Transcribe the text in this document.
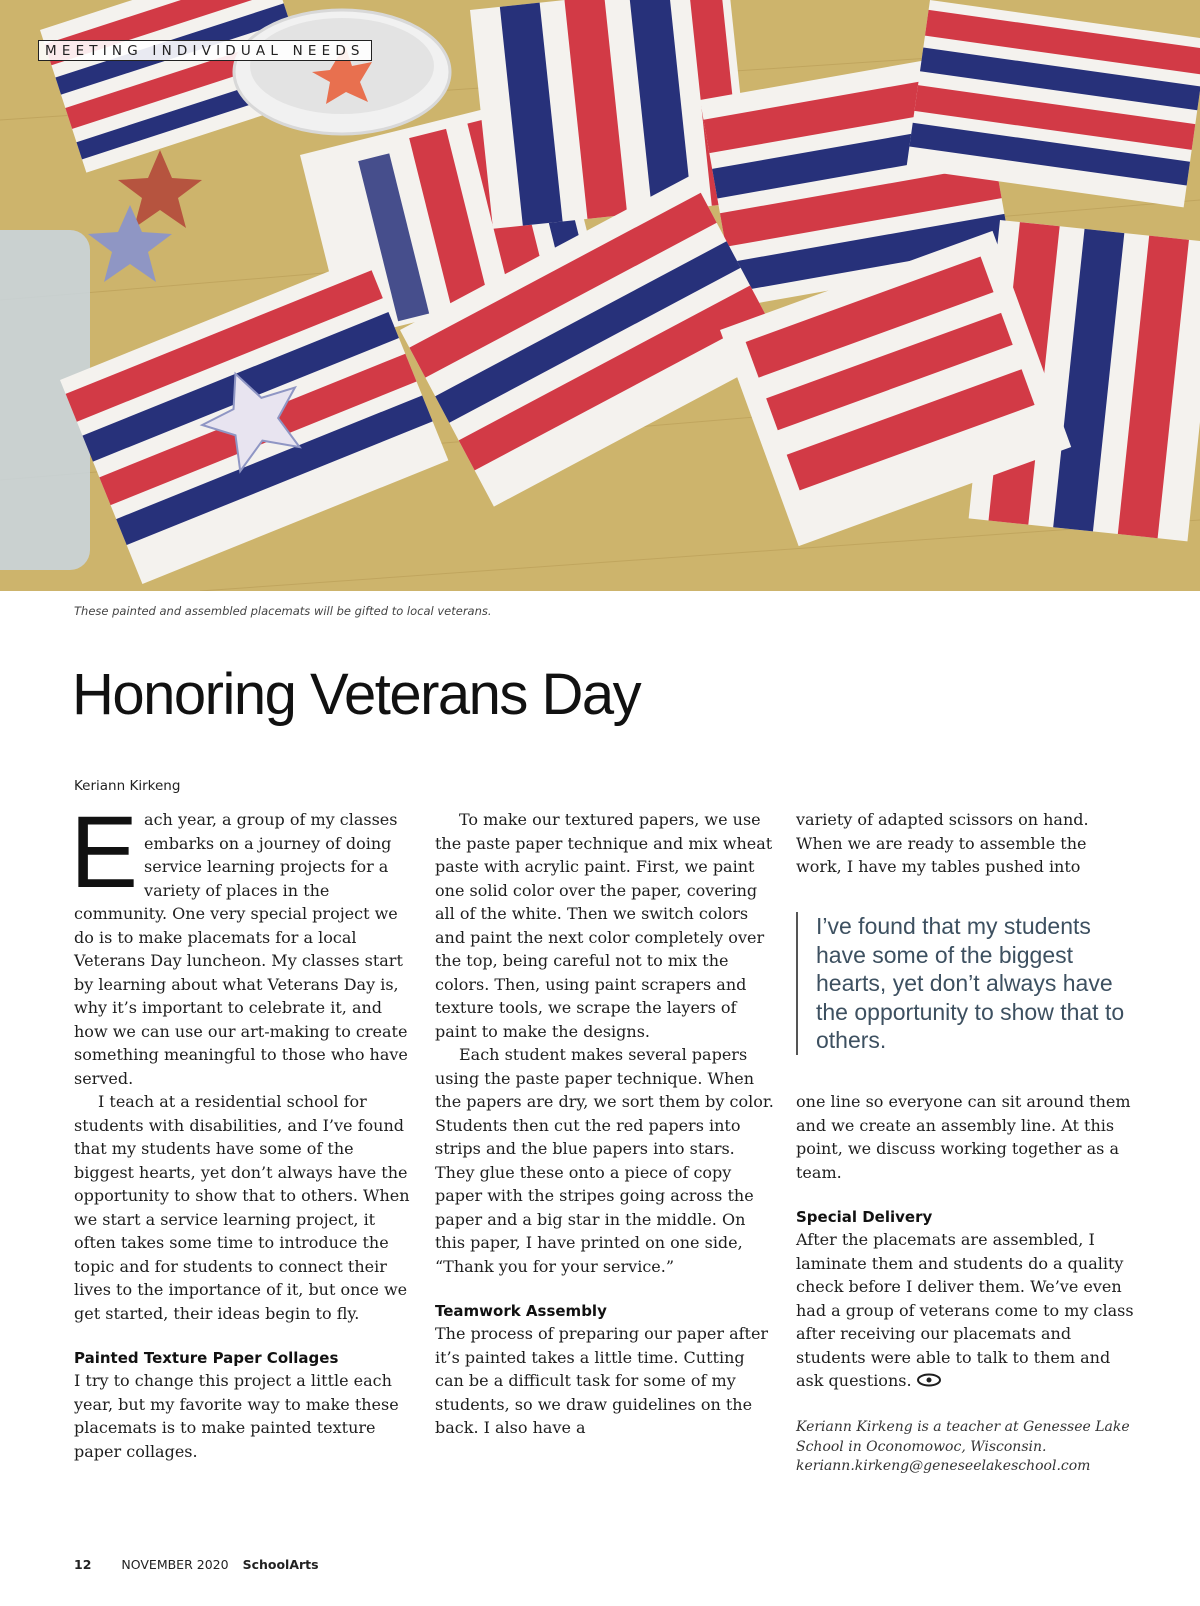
MEETING INDIVIDUAL NEEDS
These painted and assembled placemats will be gifted to local veterans.
Honoring Veterans Day
Keriann Kirkeng

Each year, a group of my classes embarks on a journey of doing service learning projects for a variety of places in the community. One very special project we do is to make placemats for a local Veterans Day luncheon. My classes start by learning about what Veterans Day is, why it’s important to celebrate it, and how we can use our art-making to create something meaningful to those who have served.

I teach at a residential school for students with disabilities, and I’ve found that my students have some of the biggest hearts, yet don’t always have the opportunity to show that to others. When we start a service learning project, it often takes some time to introduce the topic and for students to connect their lives to the importance of it, but once we get started, their ideas begin to fly.

Painted Texture Paper Collages

I try to change this project a little each year, but my favorite way to make these placemats is to make painted texture paper collages.

To make our textured papers, we use the paste paper technique and mix wheat paste with acrylic paint. First, we paint one solid color over the paper, covering all of the white. Then we switch colors and paint the next color completely over the top, being careful not to mix the colors. Then, using paint scrapers and texture tools, we scrape the layers of paint to make the designs.

Each student makes several papers using the paste paper technique. When the papers are dry, we sort them by color. Students then cut the red papers into strips and the blue papers into stars. They glue these onto a piece of copy paper with the stripes going across the paper and a big star in the middle. On this paper, I have printed on one side, “Thank you for your service.”

Teamwork Assembly

The process of preparing our paper after it’s painted takes a little time. Cutting can be a difficult task for some of my students, so we draw guidelines on the back. I also have a

variety of adapted scissors on hand. When we are ready to assemble the work, I have my tables pushed into

I’ve found that my students have some of the biggest hearts, yet don’t always have the opportunity to show that to others.

one line so everyone can sit around them and we create an assembly line. At this point, we discuss working together as a team.

Special Delivery

After the placemats are assembled, I laminate them and students do a quality check before I deliver them. We’ve even had a group of veterans come to my class after receiving our placemats and students were able to talk to them and ask questions.

Keriann Kirkeng is a teacher at Genessee Lake School in Oconomowoc, Wisconsin.
keriann.kirkeng@geneseelakeschool.com
12 NOVEMBER 2020 SchoolArts
